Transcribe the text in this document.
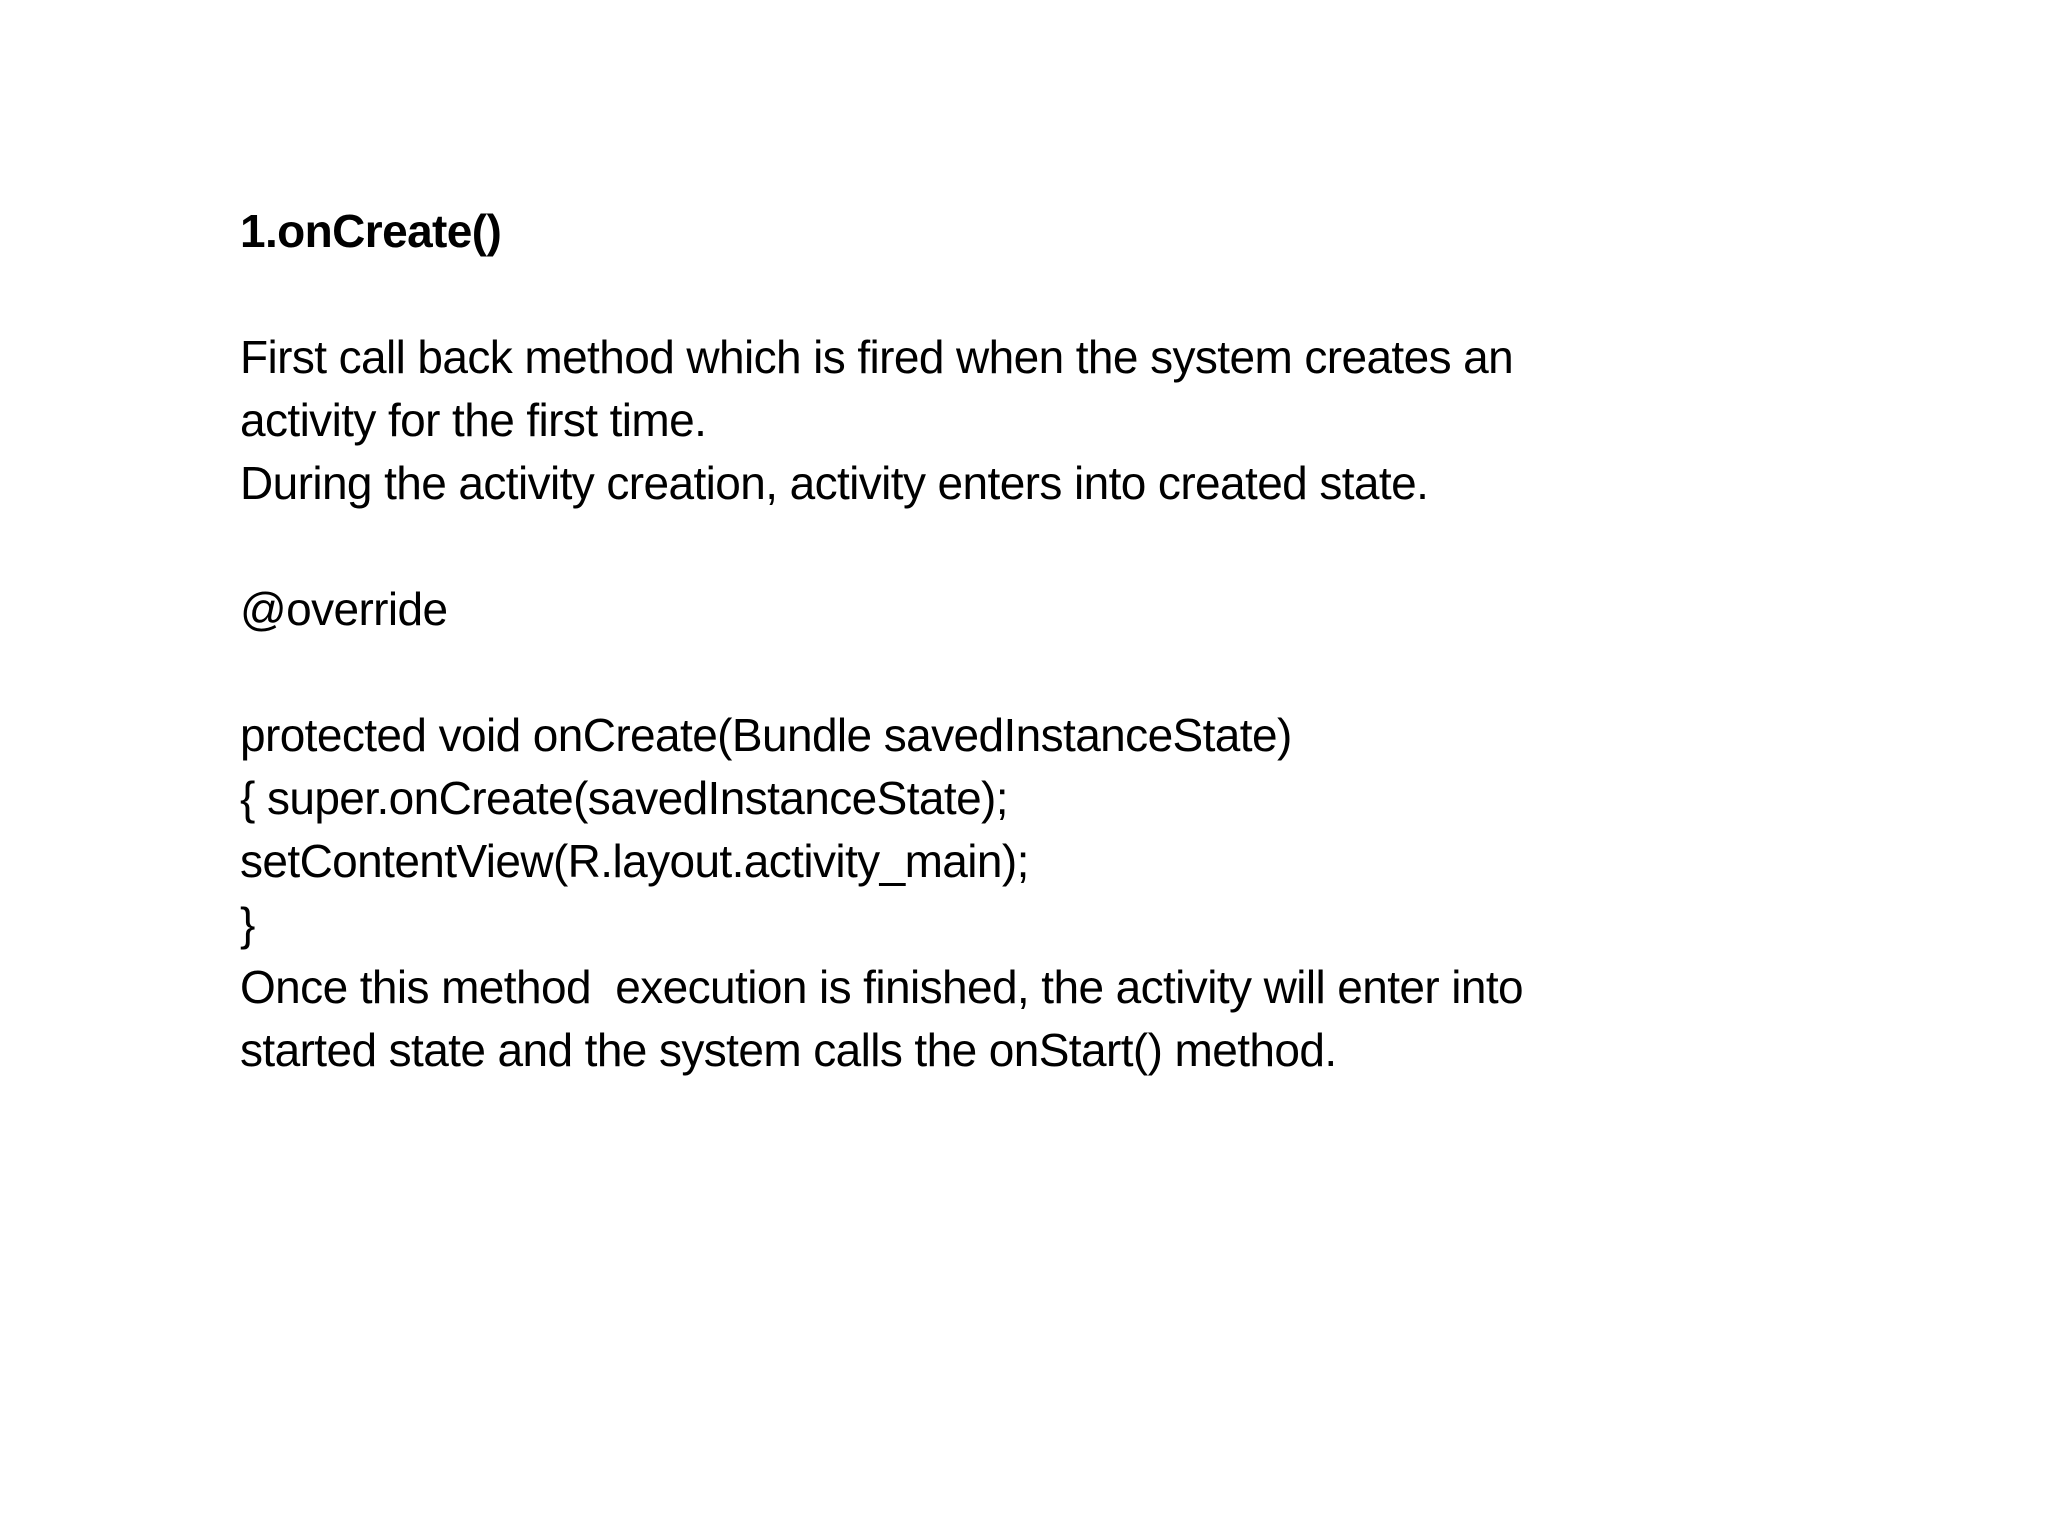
1.onCreate()
First call back method which is fired when the system creates an
activity for the first time.
During the activity creation, activity enters into created state.
@override
protected void onCreate(Bundle savedInstanceState)
{ super.onCreate(savedInstanceState);
setContentView(R.layout.activity_main);
}
Once this method  execution is finished, the activity will enter into
started state and the system calls the onStart() method.
